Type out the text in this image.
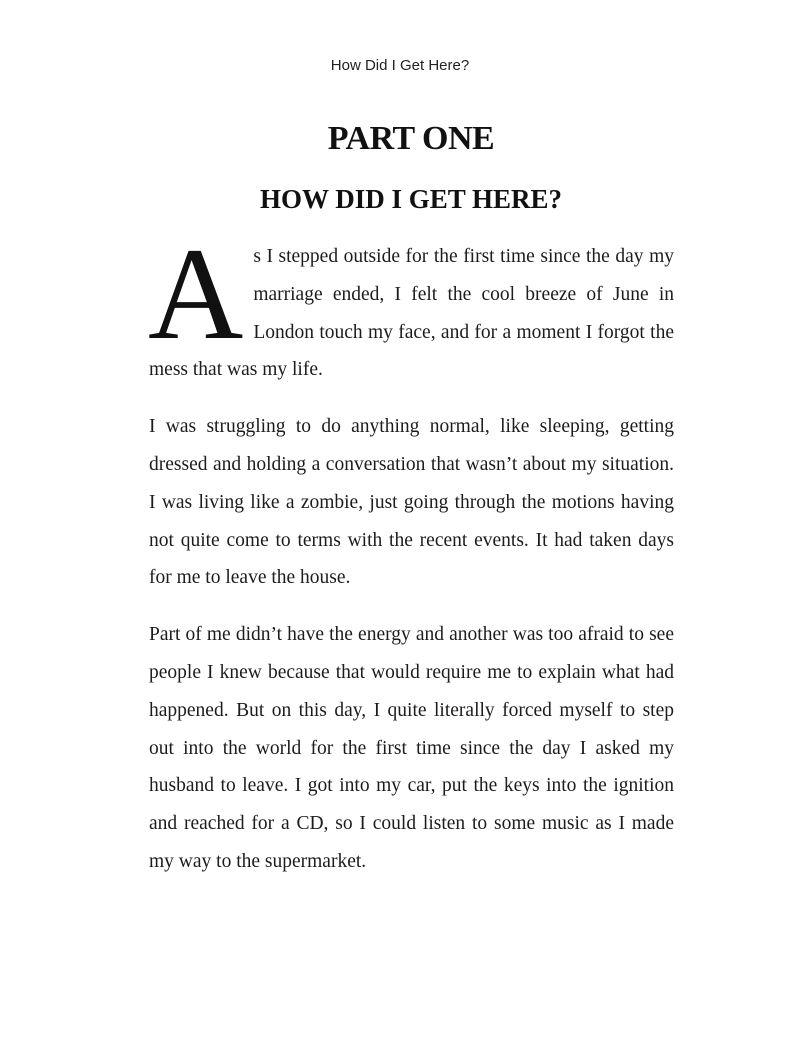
How Did I Get Here?
PART ONE
HOW DID I GET HERE?

As I stepped outside for the first time since the day my marriage ended, I felt the cool breeze of June in London touch my face, and for a moment I forgot the mess that was my life.

I was struggling to do anything normal, like sleeping, getting dressed and holding a conversation that wasn’t about my situation. I was living like a zombie, just going through the motions having not quite come to terms with the recent events. It had taken days for me to leave the house.

Part of me didn’t have the energy and another was too afraid to see people I knew because that would require me to explain what had happened. But on this day, I quite literally forced myself to step out into the world for the first time since the day I asked my husband to leave. I got into my car, put the keys into the ignition and reached for a CD, so I could listen to some music as I made my way to the supermarket.
